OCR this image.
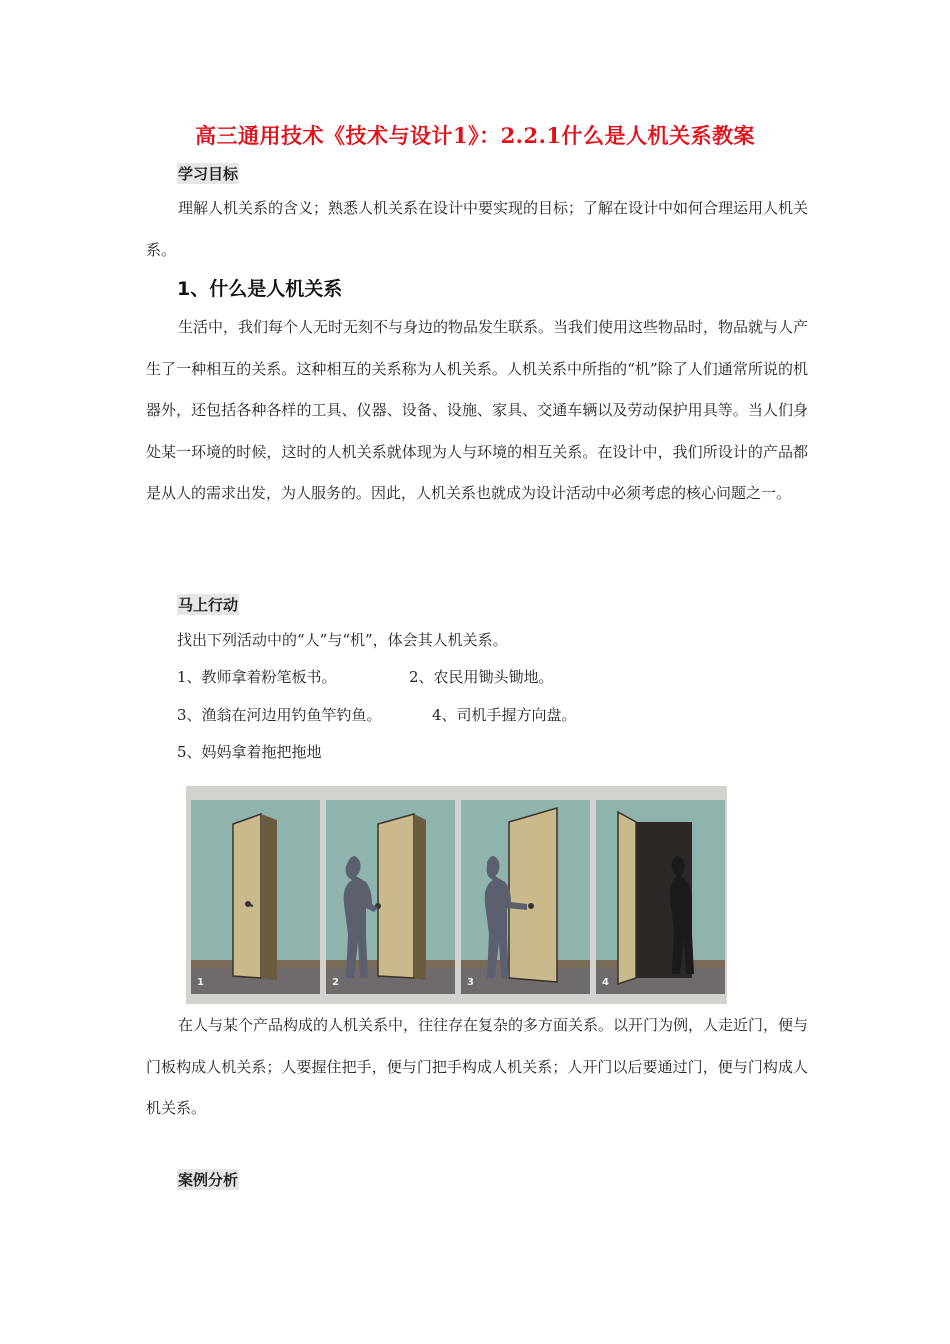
高三通用技术《技术与设计1》：2.2.1什么是人机关系教案
学习目标
理解人机关系的含义；熟悉人机关系在设计中要实现的目标；了解在设计中如何合理运用人机关系。
1、什么是人机关系
生活中，我们每个人无时无刻不与身边的物品发生联系。当我们使用这些物品时，物品就与人产生了一种相互的关系。这种相互的关系称为人机关系。人机关系中所指的“机”除了人们通常所说的机器外，还包括各种各样的工具、仪器、设备、设施、家具、交通车辆以及劳动保护用具等。当人们身处某一环境的时候，这时的人机关系就体现为人与环境的相互关系。在设计中，我们所设计的产品都是从人的需求出发，为人服务的。因此，人机关系也就成为设计活动中必须考虑的核心问题之一。
马上行动
找出下列活动中的“人”与“机”，体会其人机关系。
1、教师拿着粉笔板书。	2、农民用锄头锄地。
3、渔翁在河边用钓鱼竿钓鱼。	4、司机手握方向盘。
5、妈妈拿着拖把拖地
1	2	3	4
在人与某个产品构成的人机关系中，往往存在复杂的多方面关系。以开门为例，人走近门，便与门板构成人机关系；人要握住把手，便与门把手构成人机关系；人开门以后要通过门，便与门构成人机关系。
案例分析
